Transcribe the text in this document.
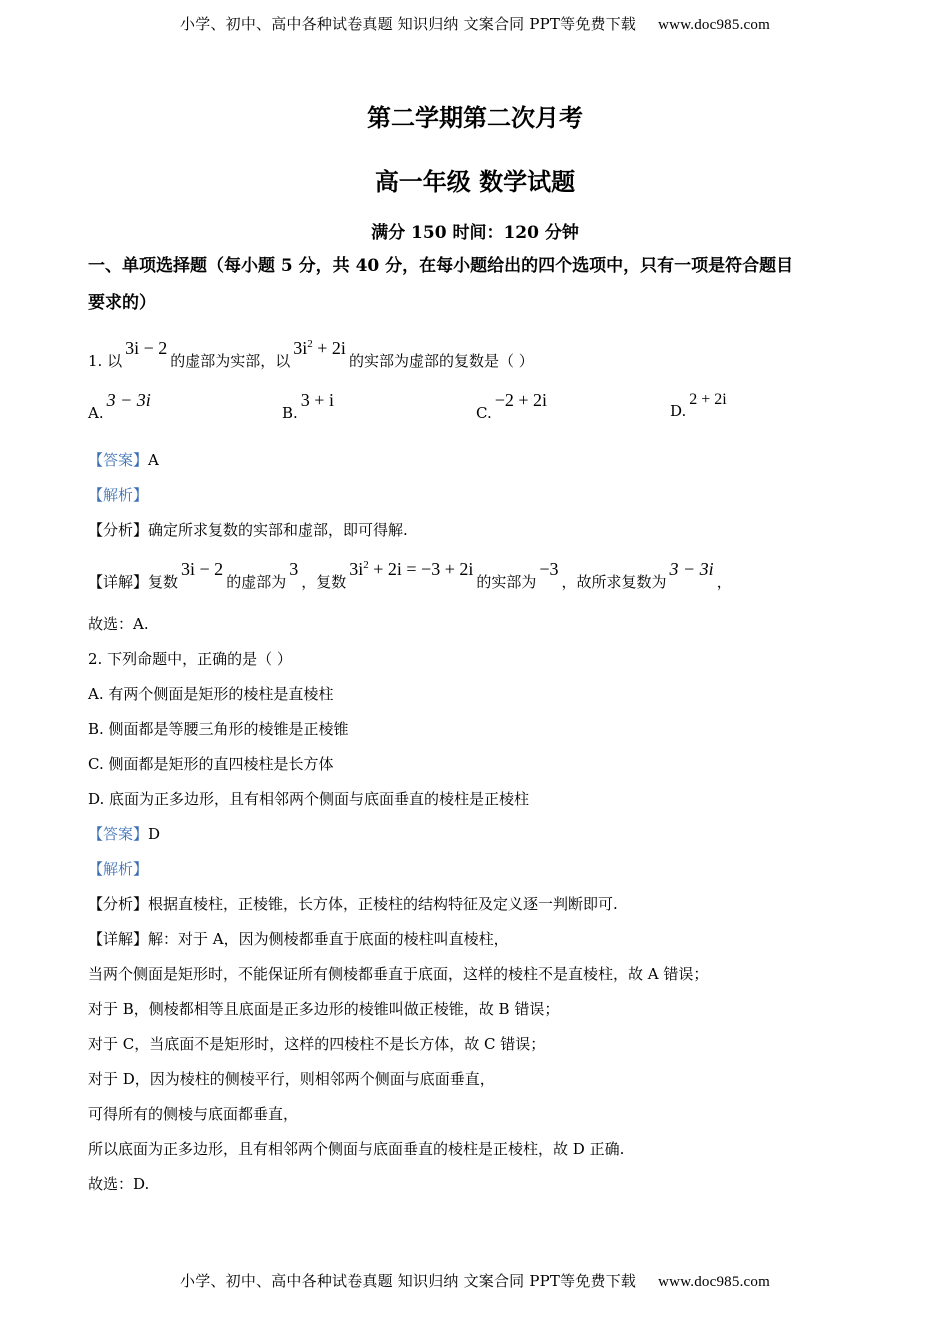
小学、初中、高中各种试卷真题 知识归纳 文案合同 PPT等免费下载 www.doc985.com
第二学期第二次月考
高一年级 数学试题
满分 150 时间：120 分钟
一、单项选择题（每小题 5 分，共 40 分，在每小题给出的四个选项中，只有一项是符合题目
要求的）
1. 以3i − 2的虚部为实部，以$3i^2 + 2i$的实部为虚部的复数是（ ）
A.3 − 3i
B.3 + i
C.−2 + 2i
D.2 + 2i
【答案】A
【解析】
【分析】确定所求复数的实部和虚部，即可得解.
【详解】复数3i − 2的虚部为3，复数$3i^2 + 2i = -3 + 2i$的实部为−3，故所求复数为3 − 3i，
故选：A.
2. 下列命题中，正确的是（ ）
A. 有两个侧面是矩形的棱柱是直棱柱
B. 侧面都是等腰三角形的棱锥是正棱锥
C. 侧面都是矩形的直四棱柱是长方体
D. 底面为正多边形，且有相邻两个侧面与底面垂直的棱柱是正棱柱
【答案】D
【解析】
【分析】根据直棱柱，正棱锥，长方体，正棱柱的结构特征及定义逐一判断即可.
【详解】解：对于 A，因为侧棱都垂直于底面的棱柱叫直棱柱，
当两个侧面是矩形时，不能保证所有侧棱都垂直于底面，这样的棱柱不是直棱柱，故 A 错误；
对于 B，侧棱都相等且底面是正多边形的棱锥叫做正棱锥，故 B 错误；
对于 C，当底面不是矩形时，这样的四棱柱不是长方体，故 C 错误；
对于 D，因为棱柱的侧棱平行，则相邻两个侧面与底面垂直，
可得所有的侧棱与底面都垂直，
所以底面为正多边形，且有相邻两个侧面与底面垂直的棱柱是正棱柱，故 D 正确.
故选：D.
小学、初中、高中各种试卷真题 知识归纳 文案合同 PPT等免费下载 www.doc985.com
